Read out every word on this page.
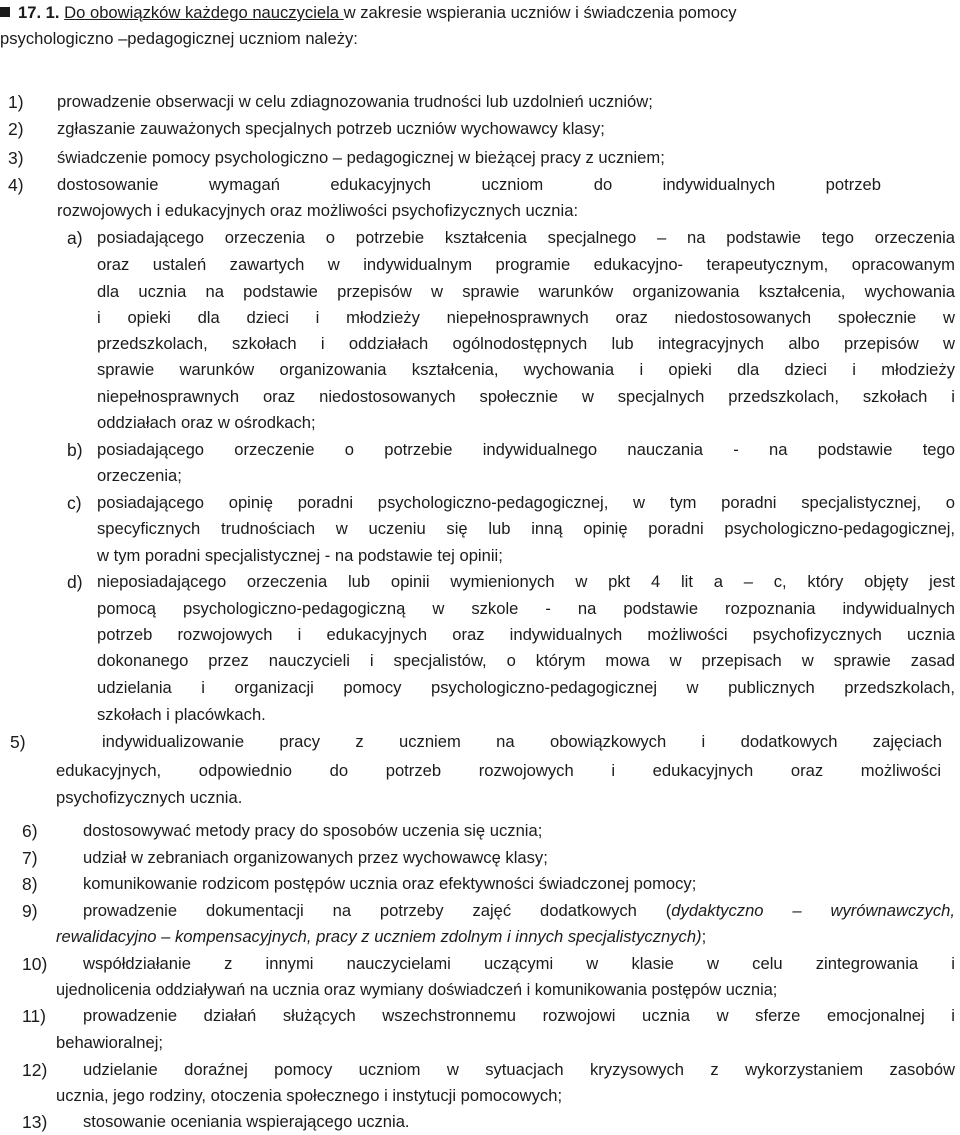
17. 1. Do obowiązków każdego nauczyciela w zakresie wspierania uczniów i świadczenia pomocy
psychologiczno –pedagogicznej uczniom należy:
1) prowadzenie obserwacji w celu zdiagnozowania trudności lub uzdolnień uczniów;
2) zgłaszanie zauważonych specjalnych potrzeb uczniów wychowawcy klasy;
3) świadczenie pomocy psychologiczno – pedagogicznej w bieżącej pracy z uczniem;
4) dostosowanie wymagań edukacyjnych uczniom do indywidualnych potrzeb
rozwojowych i edukacyjnych oraz możliwości psychofizycznych ucznia:
a) posiadającego orzeczenia o potrzebie kształcenia specjalnego – na podstawie tego orzeczenia
oraz ustaleń zawartych w indywidualnym programie edukacyjno- terapeutycznym, opracowanym
dla ucznia na podstawie przepisów w sprawie warunków organizowania kształcenia, wychowania
i opieki dla dzieci i młodzieży niepełnosprawnych oraz niedostosowanych społecznie w
przedszkolach, szkołach i oddziałach ogólnodostępnych lub integracyjnych albo przepisów w
sprawie warunków organizowania kształcenia, wychowania i opieki dla dzieci i młodzieży
niepełnosprawnych oraz niedostosowanych społecznie w specjalnych przedszkolach, szkołach i
oddziałach oraz w ośrodkach;
b) posiadającego orzeczenie o potrzebie indywidualnego nauczania - na podstawie tego
orzeczenia;
c) posiadającego opinię poradni psychologiczno-pedagogicznej, w tym poradni specjalistycznej, o
specyficznych trudnościach w uczeniu się lub inną opinię poradni psychologiczno-pedagogicznej,
w tym poradni specjalistycznej - na podstawie tej opinii;
d) nieposiadającego orzeczenia lub opinii wymienionych w pkt 4 lit a – c, który objęty jest
pomocą psychologiczno-pedagogiczną w szkole - na podstawie rozpoznania indywidualnych
potrzeb rozwojowych i edukacyjnych oraz indywidualnych możliwości psychofizycznych ucznia
dokonanego przez nauczycieli i specjalistów, o którym mowa w przepisach w sprawie zasad
udzielania i organizacji pomocy psychologiczno-pedagogicznej w publicznych przedszkolach,
szkołach i placówkach.
5)	indywidualizowanie pracy z uczniem na obowiązkowych i dodatkowych zajęciach
edukacyjnych, odpowiednio do potrzeb rozwojowych i edukacyjnych oraz możliwości
psychofizycznych ucznia.
6)	dostosowywać metody pracy do sposobów uczenia się ucznia;
7)	udział w zebraniach organizowanych przez wychowawcę klasy;
8)	komunikowanie rodzicom postępów ucznia oraz efektywności świadczonej pomocy;
9)	prowadzenie dokumentacji na potrzeby zajęć dodatkowych (dydaktyczno – wyrównawczych,
rewalidacyjno – kompensacyjnych, pracy z uczniem zdolnym i innych specjalistycznych);
10) współdziałanie z innymi nauczycielami uczącymi w klasie w celu zintegrowania i
ujednolicenia oddziaływań na ucznia oraz wymiany doświadczeń i komunikowania postępów ucznia;
11) prowadzenie działań służących wszechstronnemu rozwojowi ucznia w sferze emocjonalnej i
behawioralnej;
12) udzielanie doraźnej pomocy uczniom w sytuacjach kryzysowych z wykorzystaniem zasobów
ucznia, jego rodziny, otoczenia społecznego i instytucji pomocowych;
13) stosowanie oceniania wspierającego ucznia.
